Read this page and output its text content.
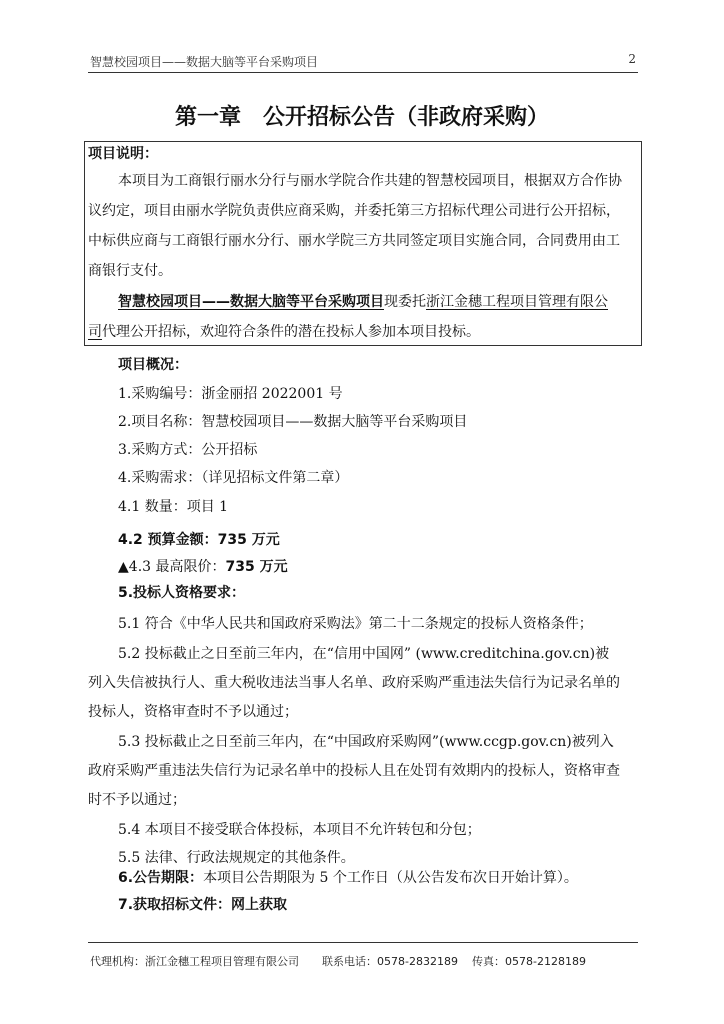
智慧校园项目——数据大脑等平台采购项目	2
第一章 公开招标公告（非政府采购）
项目说明：
本项目为工商银行丽水分行与丽水学院合作共建的智慧校园项目，根据双方合作协
议约定，项目由丽水学院负责供应商采购，并委托第三方招标代理公司进行公开招标，
中标供应商与工商银行丽水分行、丽水学院三方共同签定项目实施合同，合同费用由工
商银行支付。
智慧校园项目——数据大脑等平台采购项目现委托浙江金穗工程项目管理有限公
司代理公开招标，欢迎符合条件的潜在投标人参加本项目投标。
项目概况：
1.采购编号：浙金丽招 2022001 号
2.项目名称：智慧校园项目——数据大脑等平台采购项目
3.采购方式：公开招标
4.采购需求：（详见招标文件第二章）
4.1 数量：项目 1
4.2 预算金额：735 万元
▲4.3 最高限价：735 万元
5.投标人资格要求：
5.1 符合《中华人民共和国政府采购法》第二十二条规定的投标人资格条件；
5.2 投标截止之日至前三年内，在“信用中国网” (www.creditchina.gov.cn)被
列入失信被执行人、重大税收违法当事人名单、政府采购严重违法失信行为记录名单的
投标人，资格审查时不予以通过；
5.3 投标截止之日至前三年内，在“中国政府采购网”(www.ccgp.gov.cn)被列入
政府采购严重违法失信行为记录名单中的投标人且在处罚有效期内的投标人，资格审查
时不予以通过；
5.4 本项目不接受联合体投标，本项目不允许转包和分包；
5.5 法律、行政法规规定的其他条件。
6.公告期限：本项目公告期限为 5 个工作日（从公告发布次日开始计算）。
7.获取招标文件：网上获取
代理机构：浙江金穗工程项目管理有限公司 联系电话：0578-2832189 传真：0578-2128189
